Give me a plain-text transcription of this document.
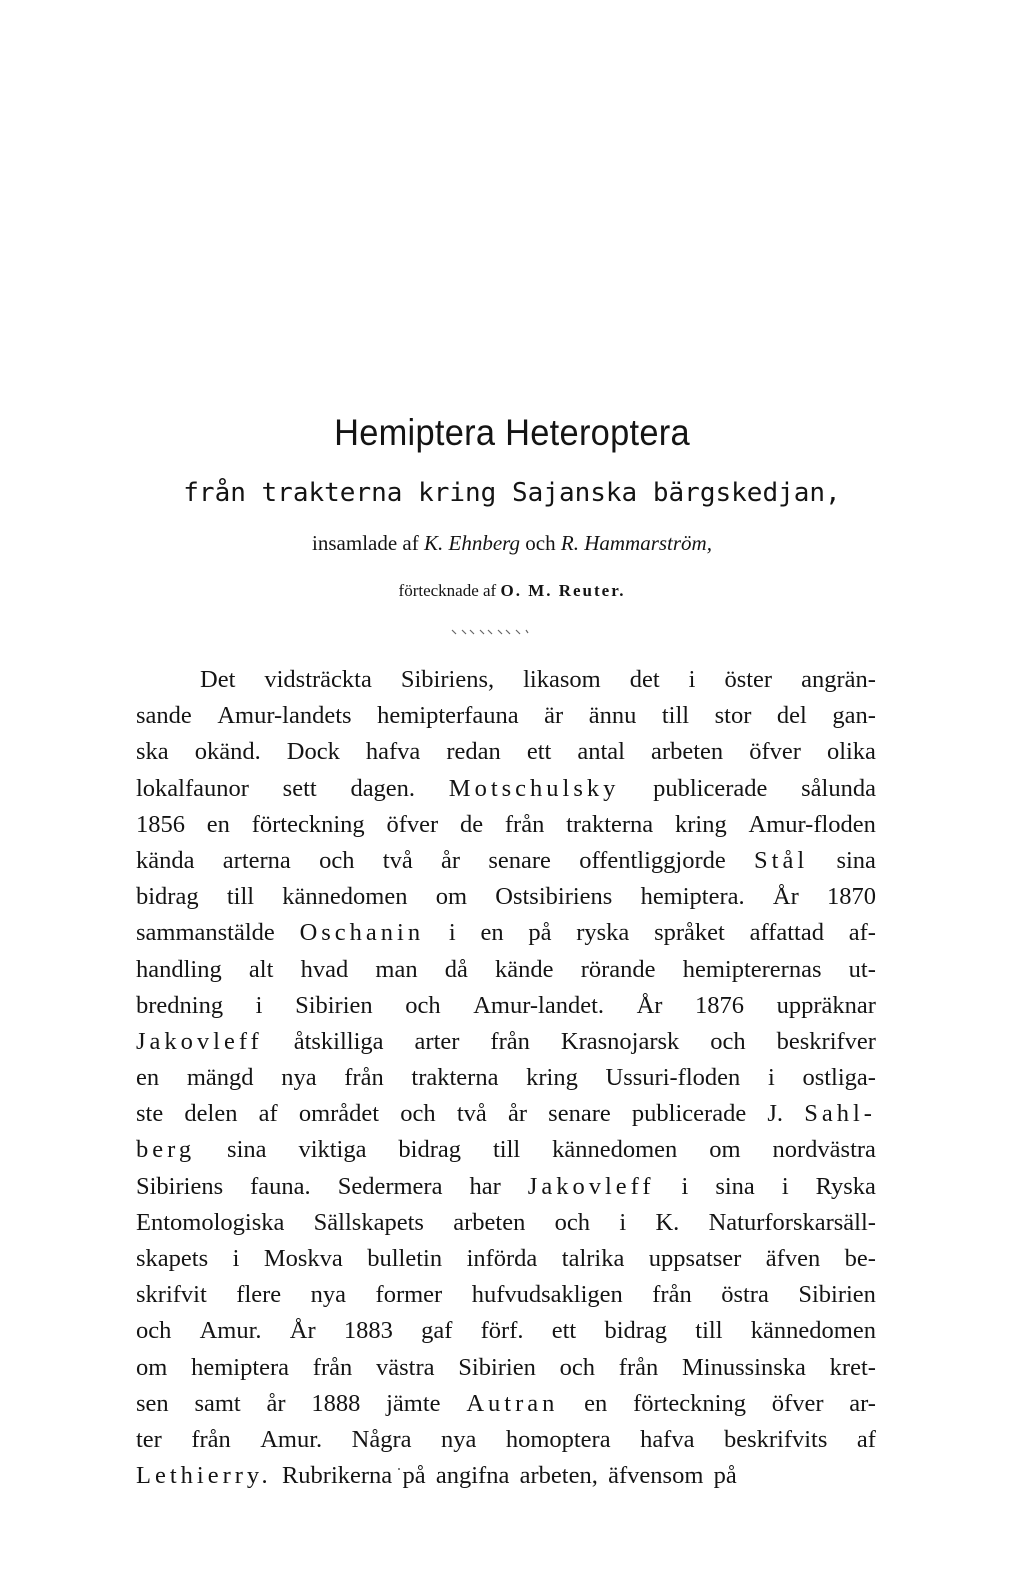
Hemiptera Heteroptera
från trakterna kring Sajanska bärgskedjan,
insamlade af K. Ehnberg och R. Hammarström,
förtecknade af O. M. Reuter.
Det vidsträckta Sibiriens, likasom det i öster angrän-
sande Amur-landets hemipterfauna är ännu till stor del gan-
ska okänd. Dock hafva redan ett antal arbeten öfver olika
lokalfaunor sett dagen. Motschulsky publicerade sålunda
1856 en förteckning öfver de från trakterna kring Amur-floden
kända arterna och två år senare offentliggjorde Stål sina
bidrag till kännedomen om Ostsibiriens hemiptera. År 1870
sammanstälde Oschanin i en på ryska språket affattad af-
handling alt hvad man då kände rörande hemipterernas ut-
bredning i Sibirien och Amur-landet. År 1876 uppräknar
Jakovleff åtskilliga arter från Krasnojarsk och beskrifver
en mängd nya från trakterna kring Ussuri-floden i ostliga-
ste delen af området och två år senare publicerade J. Sahl-
berg sina viktiga bidrag till kännedomen om nordvästra
Sibiriens fauna. Sedermera har Jakovleff i sina i Ryska
Entomologiska Sällskapets arbeten och i K. Naturforskarsäll-
skapets i Moskva bulletin införda talrika uppsatser äfven be-
skrifvit flere nya former hufvudsakligen från östra Sibirien
och Amur. År 1883 gaf förf. ett bidrag till kännedomen
om hemiptera från västra Sibirien och från Minussinska kret-
sen samt år 1888 jämte Autran en förteckning öfver ar-
ter från Amur. Några nya homoptera hafva beskrifvits af
Lethierry. Rubrikerna på angifna arbeten, äfvensom på
